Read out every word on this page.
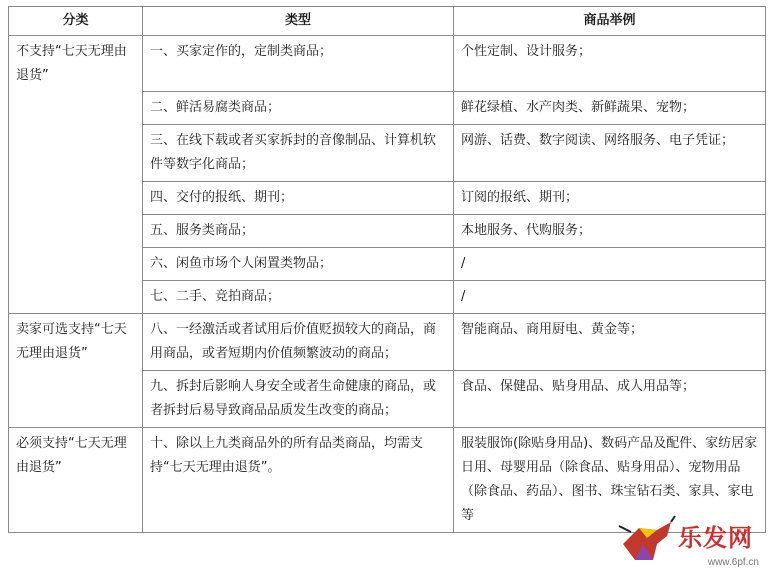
分类	类型	商品举例
不支持“七天无理由退货”	一、买家定作的，定制类商品；	个性定制、设计服务；
	二、鲜活易腐类商品；	鲜花绿植、水产肉类、新鲜蔬果、宠物；
	三、在线下载或者买家拆封的音像制品、计算机软件等数字化商品；	网游、话费、数字阅读、网络服务、电子凭证；
	四、交付的报纸、期刊；	订阅的报纸、期刊；
	五、服务类商品；	本地服务、代购服务；
	六、闲鱼市场个人闲置类物品；	/
	七、二手、竞拍商品；	/
卖家可选支持“七天无理由退货”	八、一经激活或者试用后价值贬损较大的商品，商用商品，或者短期内价值频繁波动的商品；	智能商品、商用厨电、黄金等；
	九、拆封后影响人身安全或者生命健康的商品，或者拆封后易导致商品品质发生改变的商品；	食品、保健品、贴身用品、成人用品等；
必须支持“七天无理由退货”	十、除以上九类商品外的所有品类商品，均需支持“七天无理由退货”。	服装服饰(除贴身用品)、数码产品及配件、家纺居家日用、母婴用品（除食品、贴身用品）、宠物用品（除食品、药品）、图书、珠宝钻石类、家具、家电等
乐发网
www.6pf.cn
